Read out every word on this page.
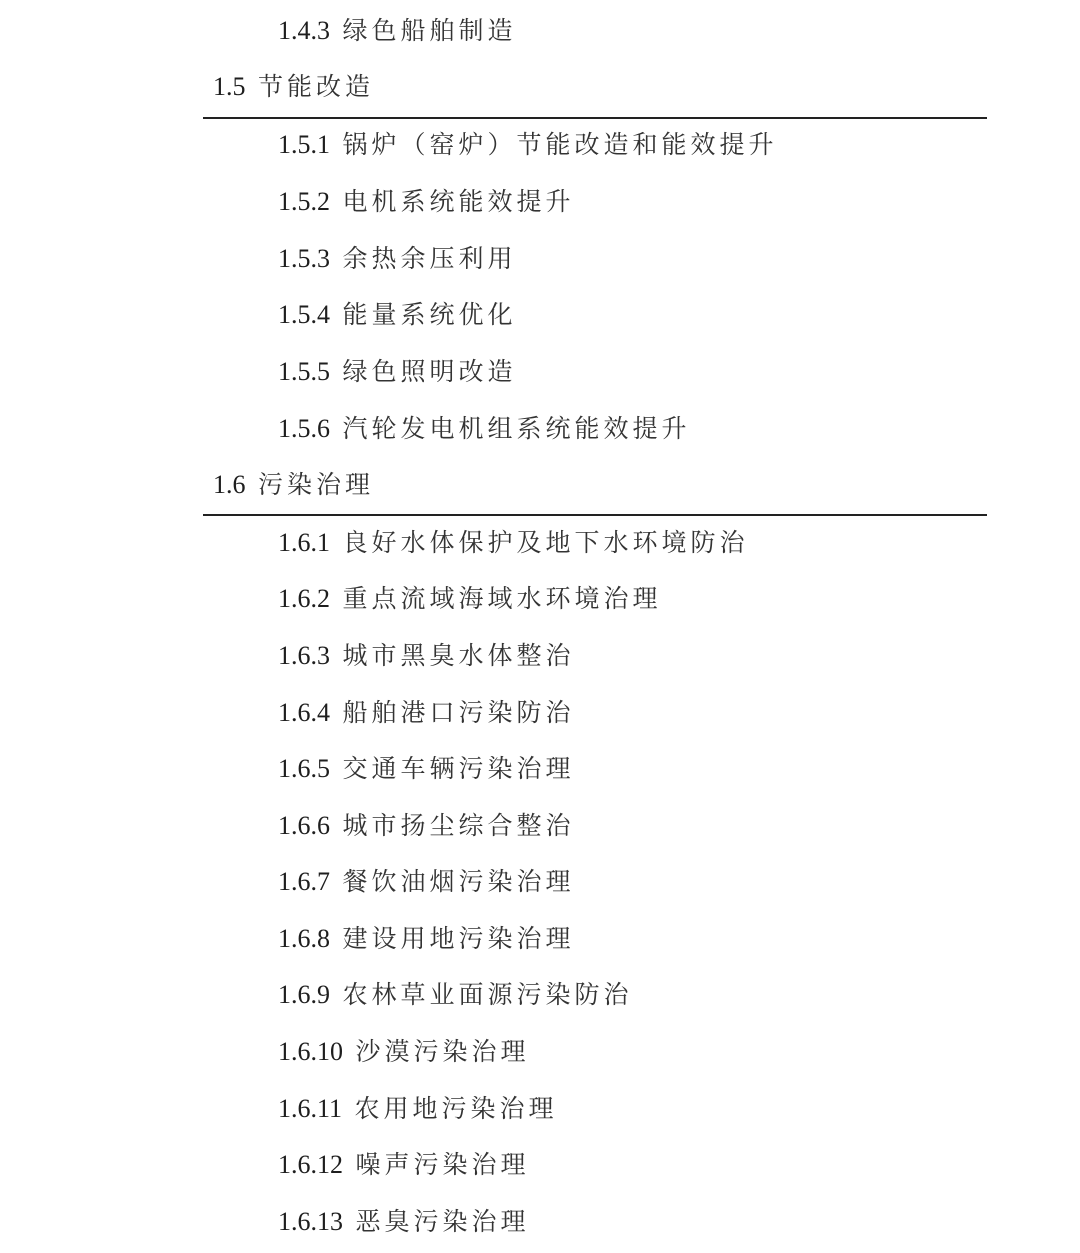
1.4.3  绿色船舶制造
1.5  节能改造
1.5.1  锅炉（窑炉）节能改造和能效提升
1.5.2  电机系统能效提升
1.5.3  余热余压利用
1.5.4  能量系统优化
1.5.5  绿色照明改造
1.5.6  汽轮发电机组系统能效提升
1.6  污染治理
1.6.1  良好水体保护及地下水环境防治
1.6.2  重点流域海域水环境治理
1.6.3  城市黑臭水体整治
1.6.4  船舶港口污染防治
1.6.5  交通车辆污染治理
1.6.6  城市扬尘综合整治
1.6.7  餐饮油烟污染治理
1.6.8  建设用地污染治理
1.6.9  农林草业面源污染防治
1.6.10  沙漠污染治理
1.6.11  农用地污染治理
1.6.12  噪声污染治理
1.6.13  恶臭污染治理
